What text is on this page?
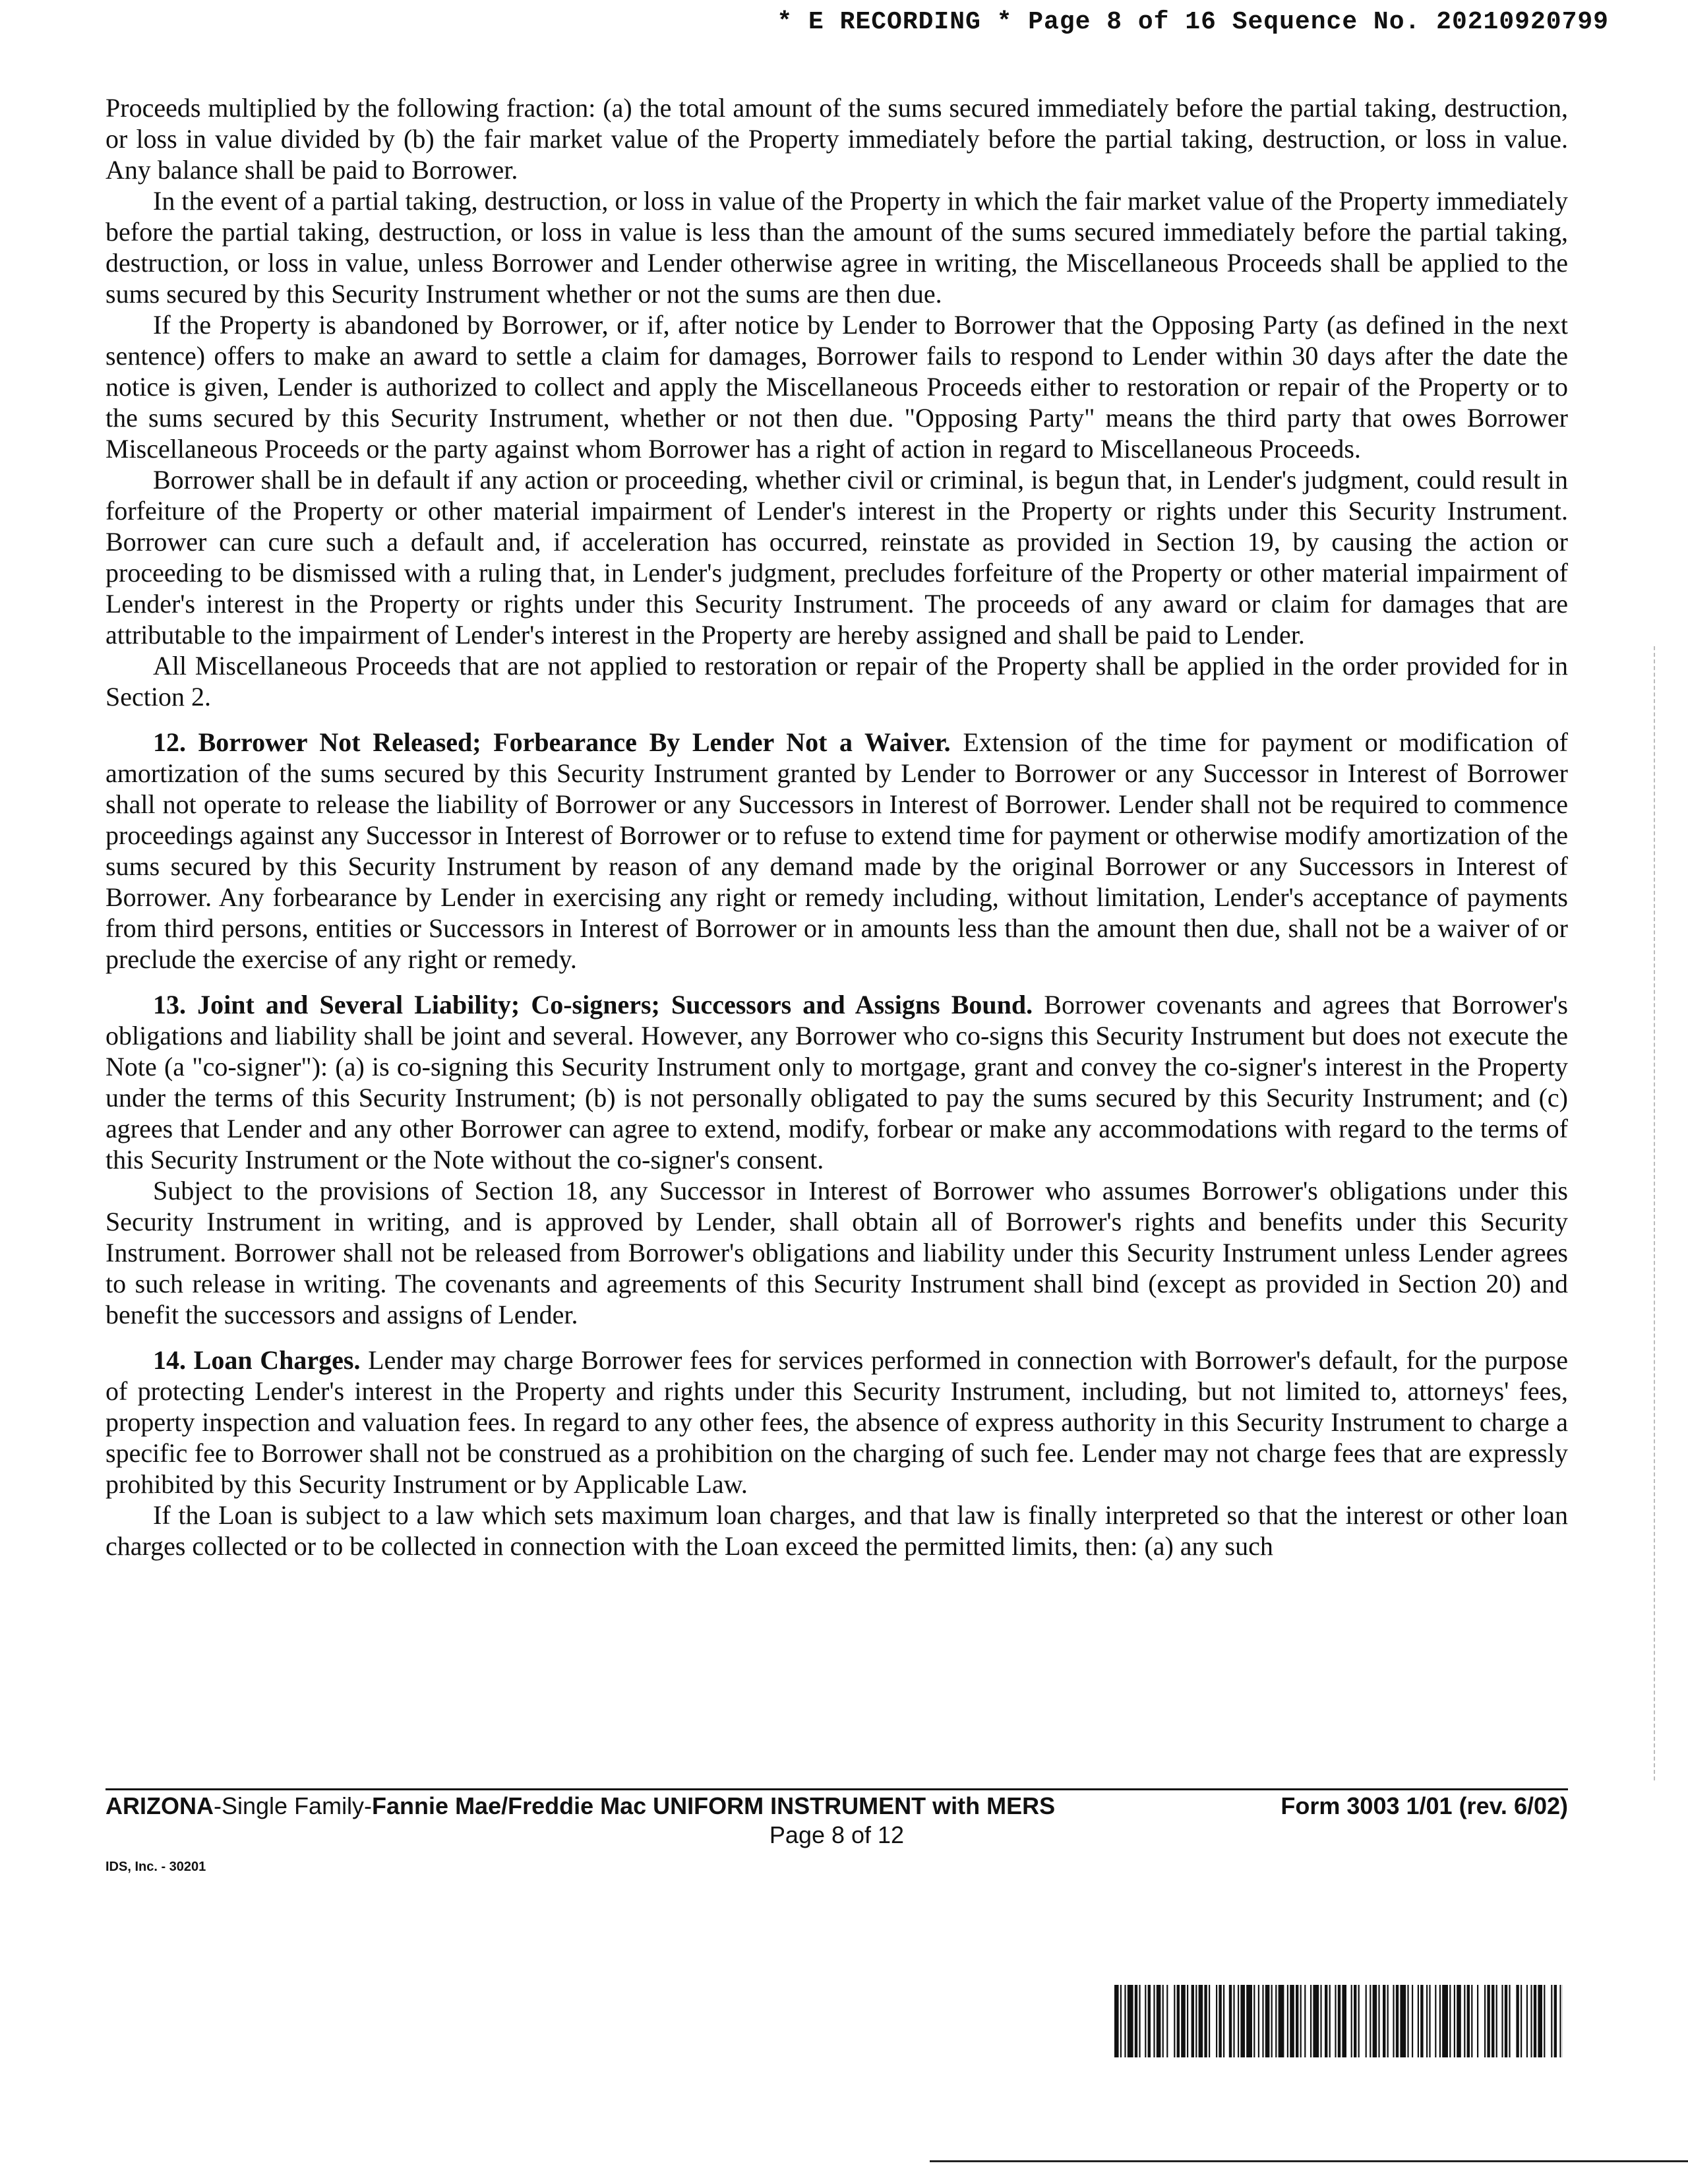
* E RECORDING * Page 8 of 16 Sequence No. 20210920799

Proceeds multiplied by the following fraction: (a) the total amount of the sums secured immediately before the partial taking, destruction, or loss in value divided by (b) the fair market value of the Property immediately before the partial taking, destruction, or loss in value. Any balance shall be paid to Borrower.

In the event of a partial taking, destruction, or loss in value of the Property in which the fair market value of the Property immediately before the partial taking, destruction, or loss in value is less than the amount of the sums secured immediately before the partial taking, destruction, or loss in value, unless Borrower and Lender otherwise agree in writing, the Miscellaneous Proceeds shall be applied to the sums secured by this Security Instrument whether or not the sums are then due.

If the Property is abandoned by Borrower, or if, after notice by Lender to Borrower that the Opposing Party (as defined in the next sentence) offers to make an award to settle a claim for damages, Borrower fails to respond to Lender within 30 days after the date the notice is given, Lender is authorized to collect and apply the Miscellaneous Proceeds either to restoration or repair of the Property or to the sums secured by this Security Instrument, whether or not then due. "Opposing Party" means the third party that owes Borrower Miscellaneous Proceeds or the party against whom Borrower has a right of action in regard to Miscellaneous Proceeds.

Borrower shall be in default if any action or proceeding, whether civil or criminal, is begun that, in Lender's judgment, could result in forfeiture of the Property or other material impairment of Lender's interest in the Property or rights under this Security Instrument. Borrower can cure such a default and, if acceleration has occurred, reinstate as provided in Section 19, by causing the action or proceeding to be dismissed with a ruling that, in Lender's judgment, precludes forfeiture of the Property or other material impairment of Lender's interest in the Property or rights under this Security Instrument. The proceeds of any award or claim for damages that are attributable to the impairment of Lender's interest in the Property are hereby assigned and shall be paid to Lender.

All Miscellaneous Proceeds that are not applied to restoration or repair of the Property shall be applied in the order provided for in Section 2.

12. Borrower Not Released; Forbearance By Lender Not a Waiver. Extension of the time for payment or modification of amortization of the sums secured by this Security Instrument granted by Lender to Borrower or any Successor in Interest of Borrower shall not operate to release the liability of Borrower or any Successors in Interest of Borrower. Lender shall not be required to commence proceedings against any Successor in Interest of Borrower or to refuse to extend time for payment or otherwise modify amortization of the sums secured by this Security Instrument by reason of any demand made by the original Borrower or any Successors in Interest of Borrower. Any forbearance by Lender in exercising any right or remedy including, without limitation, Lender's acceptance of payments from third persons, entities or Successors in Interest of Borrower or in amounts less than the amount then due, shall not be a waiver of or preclude the exercise of any right or remedy.

13. Joint and Several Liability; Co-signers; Successors and Assigns Bound. Borrower covenants and agrees that Borrower's obligations and liability shall be joint and several. However, any Borrower who co-signs this Security Instrument but does not execute the Note (a "co-signer"): (a) is co-signing this Security Instrument only to mortgage, grant and convey the co-signer's interest in the Property under the terms of this Security Instrument; (b) is not personally obligated to pay the sums secured by this Security Instrument; and (c) agrees that Lender and any other Borrower can agree to extend, modify, forbear or make any accommodations with regard to the terms of this Security Instrument or the Note without the co-signer's consent.

Subject to the provisions of Section 18, any Successor in Interest of Borrower who assumes Borrower's obligations under this Security Instrument in writing, and is approved by Lender, shall obtain all of Borrower's rights and benefits under this Security Instrument. Borrower shall not be released from Borrower's obligations and liability under this Security Instrument unless Lender agrees to such release in writing. The covenants and agreements of this Security Instrument shall bind (except as provided in Section 20) and benefit the successors and assigns of Lender.

14. Loan Charges. Lender may charge Borrower fees for services performed in connection with Borrower's default, for the purpose of protecting Lender's interest in the Property and rights under this Security Instrument, including, but not limited to, attorneys' fees, property inspection and valuation fees. In regard to any other fees, the absence of express authority in this Security Instrument to charge a specific fee to Borrower shall not be construed as a prohibition on the charging of such fee. Lender may not charge fees that are expressly prohibited by this Security Instrument or by Applicable Law.

If the Loan is subject to a law which sets maximum loan charges, and that law is finally interpreted so that the interest or other loan charges collected or to be collected in connection with the Loan exceed the permitted limits, then: (a) any such

ARIZONA-Single Family-Fannie Mae/Freddie Mac UNIFORM INSTRUMENT with MERS	Form 3003 1/01 (rev. 6/02)
Page 8 of 12
IDS, Inc. - 30201
